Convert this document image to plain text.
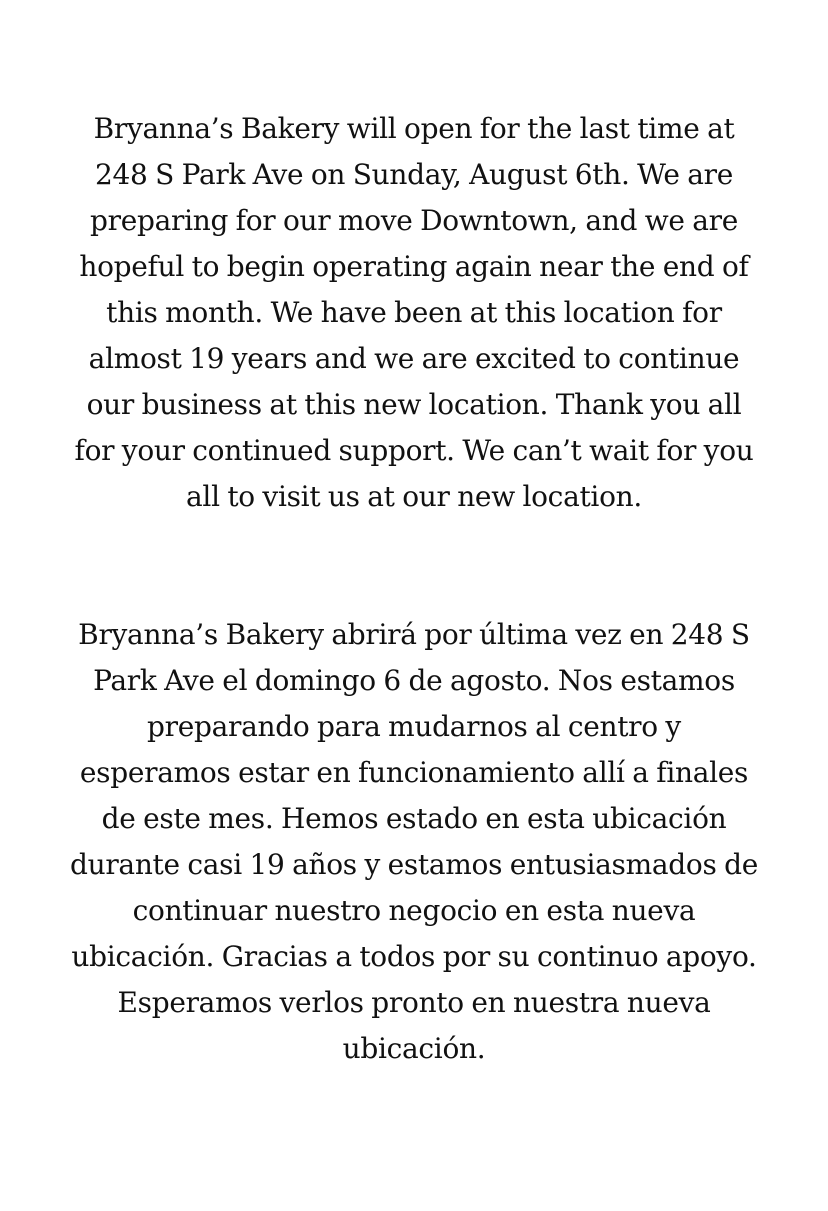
Bryanna’s Bakery will open for the last time at
248 S Park Ave on Sunday, August 6th. We are
preparing for our move Downtown, and we are
hopeful to begin operating again near the end of
this month. We have been at this location for
almost 19 years and we are excited to continue
our business at this new location. Thank you all
for your continued support. We can’t wait for you
all to visit us at our new location.

Bryanna’s Bakery abrirá por última vez en 248 S
Park Ave el domingo 6 de agosto. Nos estamos
preparando para mudarnos al centro y
esperamos estar en funcionamiento allí a finales
de este mes. Hemos estado en esta ubicación
durante casi 19 años y estamos entusiasmados de
continuar nuestro negocio en esta nueva
ubicación. Gracias a todos por su continuo apoyo.
Esperamos verlos pronto en nuestra nueva
ubicación.
